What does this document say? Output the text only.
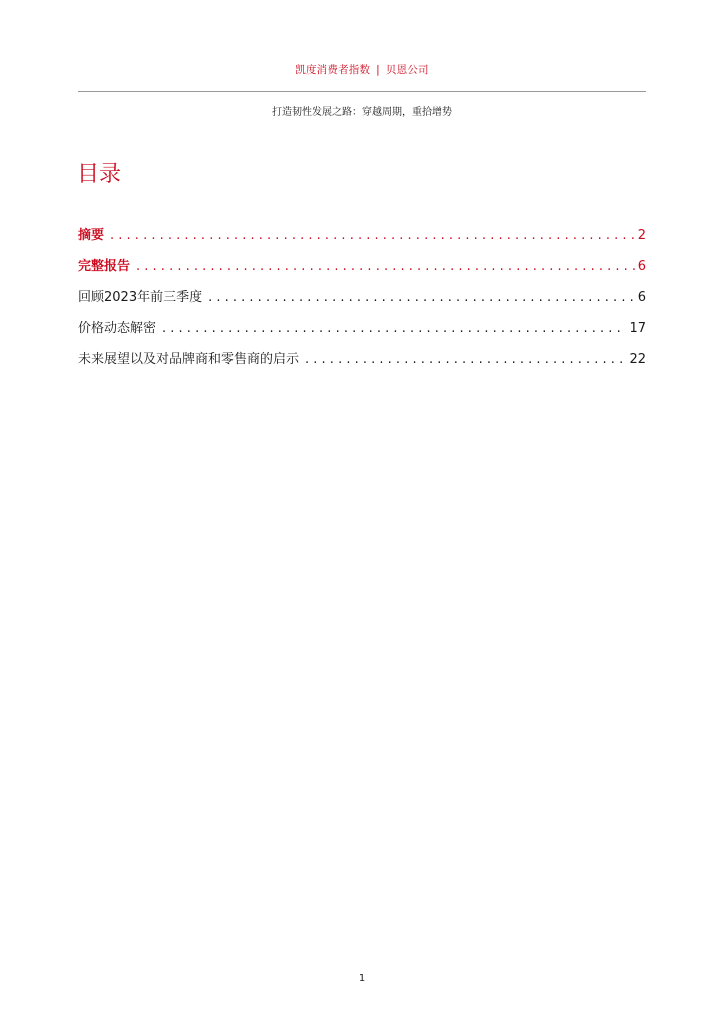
凯度消费者指数 | 贝恩公司
打造韧性发展之路：穿越周期，重拾增势
目录
摘要 . . .	2
完整报告 . . .	6
回顾2023年前三季度 . . .	6
价格动态解密 . . .	17
未来展望以及对品牌商和零售商的启示 . . .	22
1
